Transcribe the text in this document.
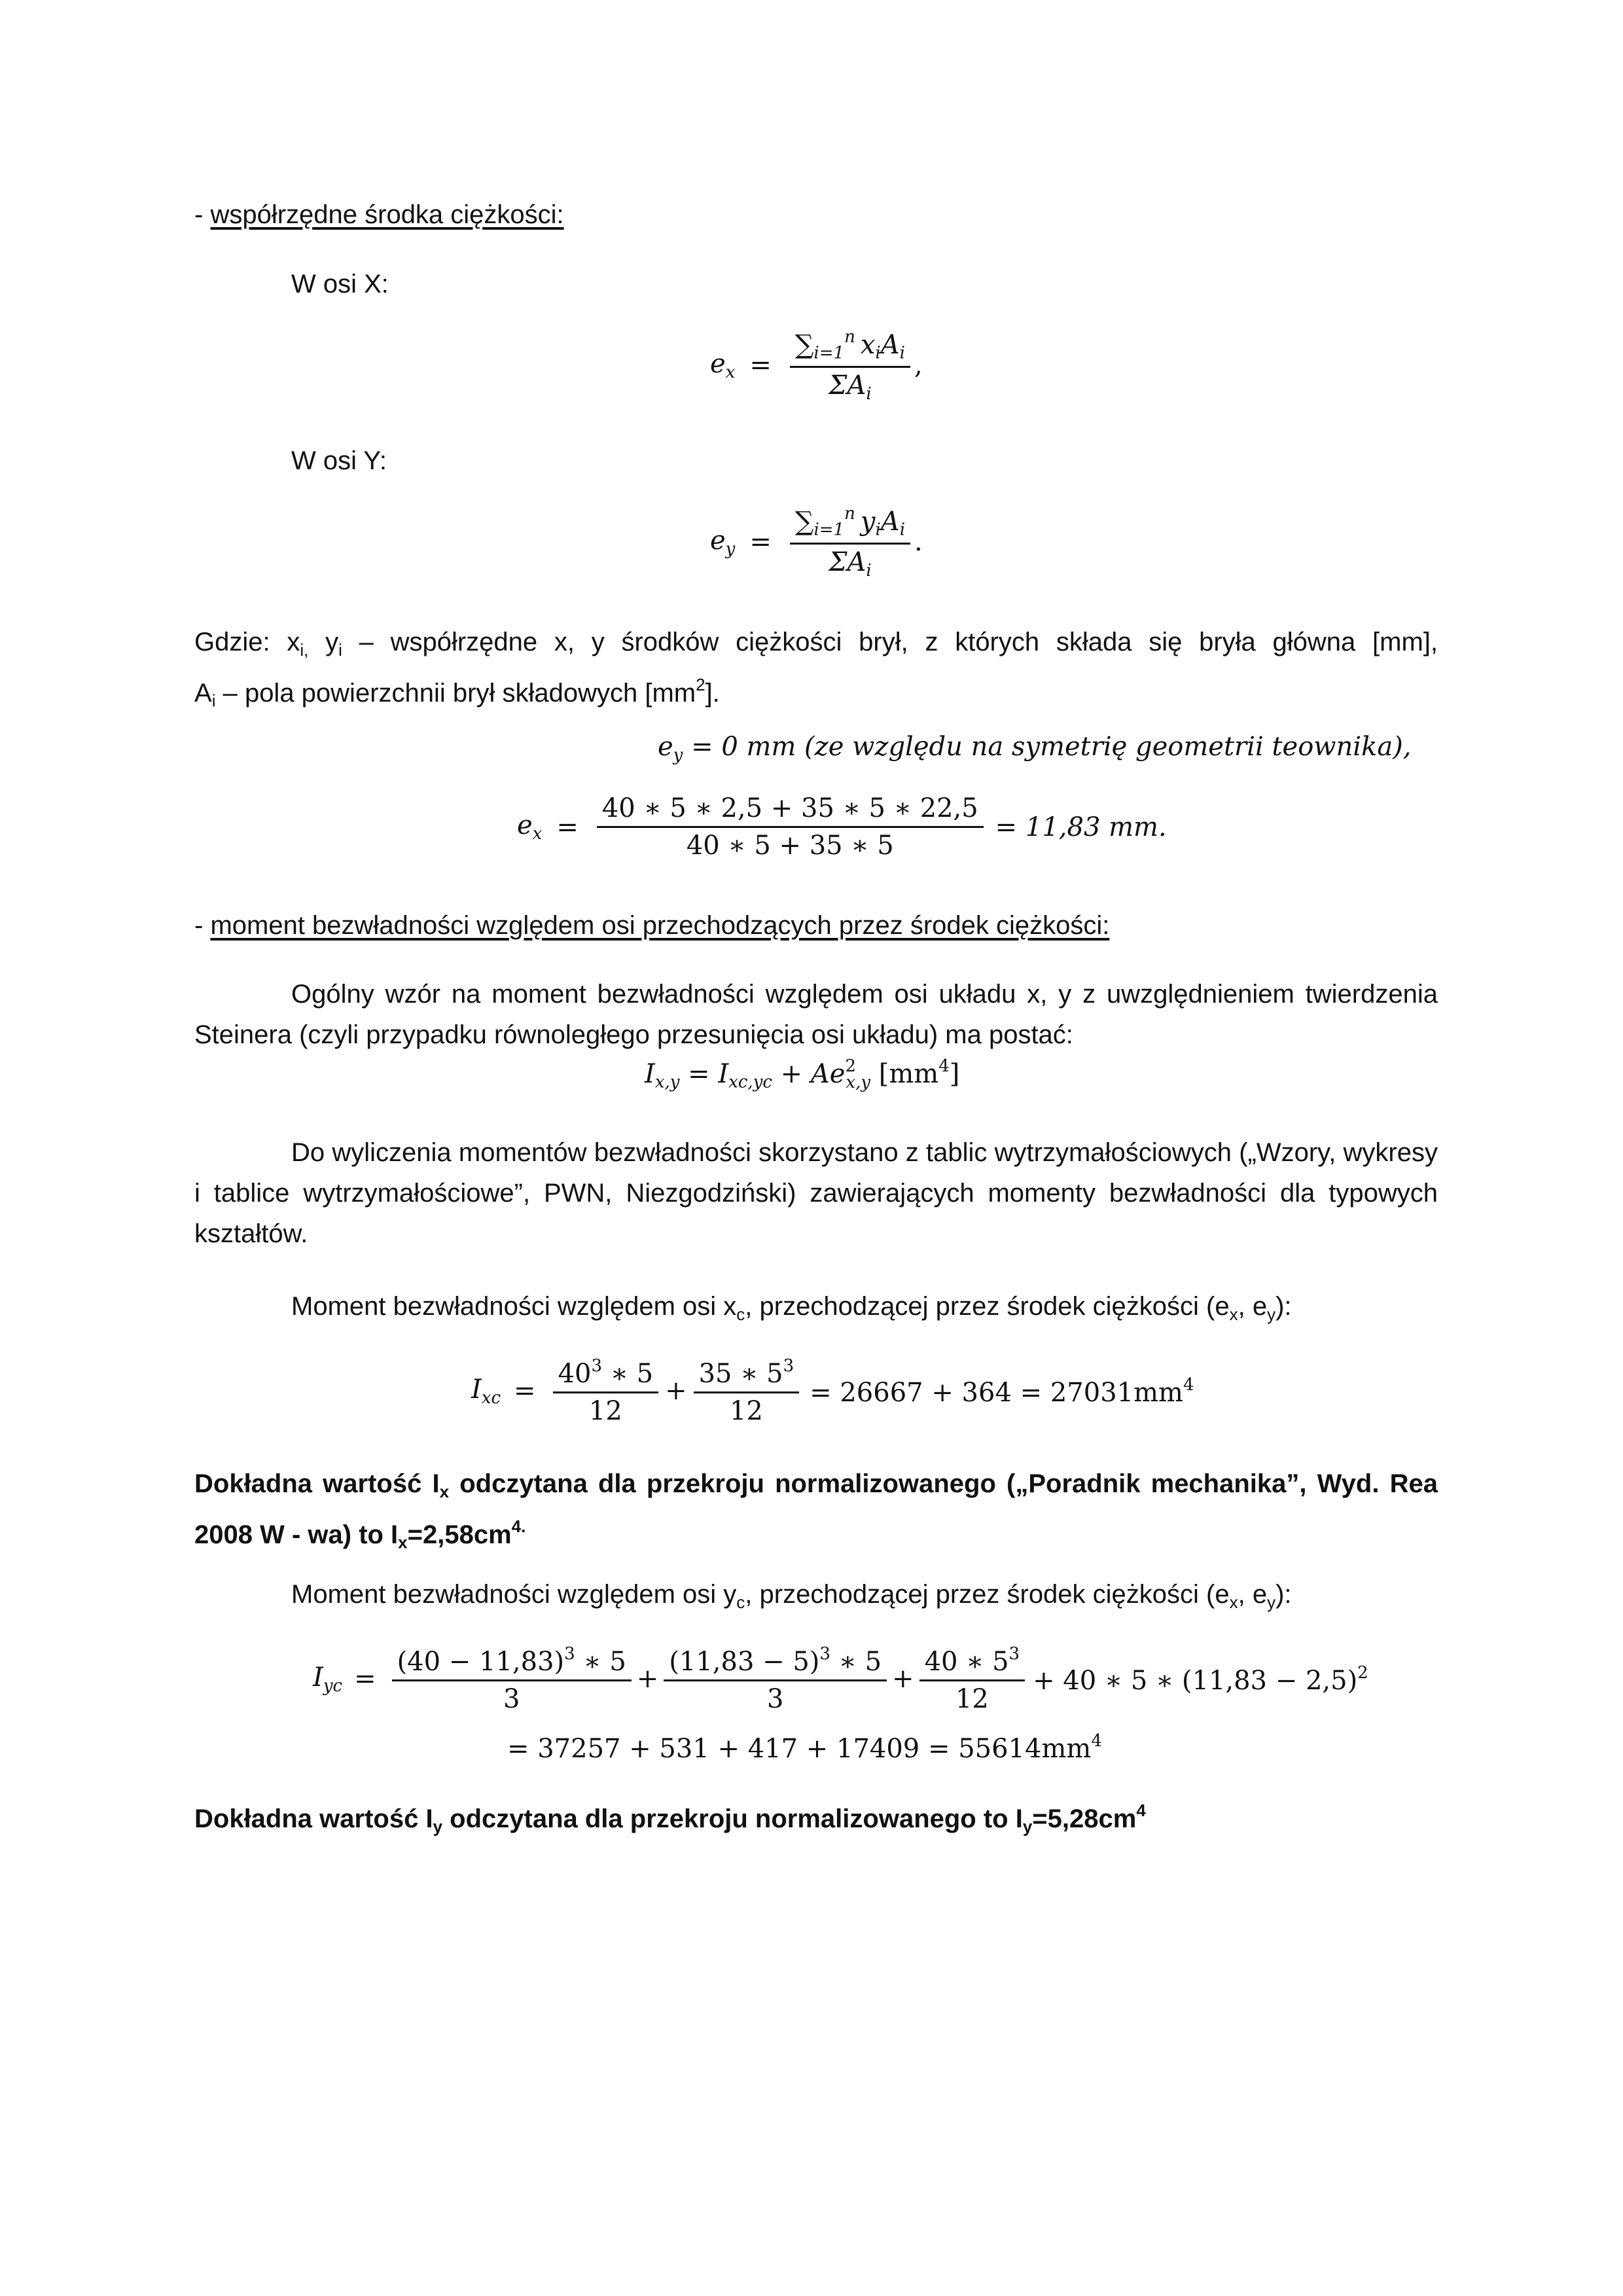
- współrzędne środka ciężkości:
W osi X:
$e_x = \frac{\sum_{i=1}^n x_iA_i}{\Sigma A_i}$ ,
W osi Y:
$e_y = \frac{\sum_{i=1}^n y_iA_i}{\Sigma A_i}$ .
Gdzie: $x_{i,}$ $y_i$ – współrzędne x, y środków ciężkości brył, z których składa się bryła główna [mm],
$A_i$ – pola powierzchnii brył składowych $[mm^2]$.
$e_y = 0$ mm (ze względu na symetrię geometrii teownika),
$e_x = \frac{40 ∗ 5 ∗ 2,5 + 35 ∗ 5 ∗ 22,5}{40 ∗ 5 + 35 ∗ 5} = 11,83$ mm.
- moment bezwładności względem osi przechodzących przez środek ciężkości:
Ogólny wzór na moment bezwładności względem osi układu x, y z uwzględnieniem twierdzenia Steinera (czyli przypadku równoległego przesunięcia osi układu) ma postać:
$I_{x,y} = I_{xc,yc} + Ae^2_{x,y}$ $[mm^4]$
Do wyliczenia momentów bezwładności skorzystano z tablic wytrzymałościowych („Wzory, wykresy i tablice wytrzymałościowe”, PWN, Niezgodziński) zawierających momenty bezwładności dla typowych kształtów.
Moment bezwładności względem osi $x_c$, przechodzącej przez środek ciężkości ($e_x$, $e_y$):
$I_{xc} = \frac{40^3 ∗ 5}{12} + \frac{35 ∗ 5^3}{12} = 26667 + 364 = 27031mm^4$
Dokładna wartość $I_x$ odczytana dla przekroju normalizowanego („Poradnik mechanika”, Wyd. Rea
2008 W - wa) to $I_x=2,58cm^{4.}$
Moment bezwładności względem osi $y_c$, przechodzącej przez środek ciężkości ($e_x$, $e_y$):
$I_{yc} = \frac{(40 - 11,83)^3 ∗ 5}{3} + \frac{(11,83 - 5)^3 ∗ 5}{3} + \frac{40 ∗ 5^3}{12} + 40$ ∗ 5 ∗ $(11,83 - 2,5)^2$
= $37257 + 531 + 417 + 17409 = 55614mm^4$
Dokładna wartość $I_y$ odczytana dla przekroju normalizowanego to $I_y=5,28cm^4$
